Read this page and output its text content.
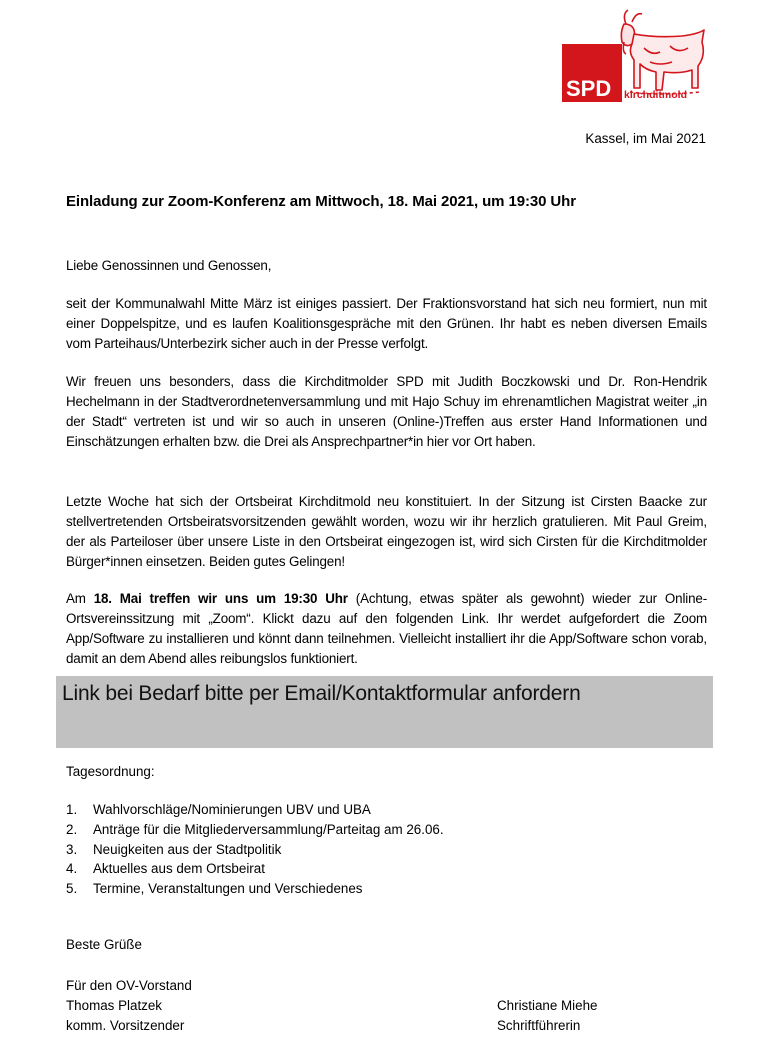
SPD kirchditmold
Kassel, im Mai 2021
Einladung zur Zoom-Konferenz am Mittwoch, 18. Mai 2021, um 19:30 Uhr
Liebe Genossinnen und Genossen,

seit der Kommunalwahl Mitte März ist einiges passiert. Der Fraktionsvorstand hat sich neu formiert, nun mit einer Doppelspitze, und es laufen Koalitionsgespräche mit den Grünen. Ihr habt es neben diversen Emails vom Parteihaus/Unterbezirk sicher auch in der Presse verfolgt.

Wir freuen uns besonders, dass die Kirchditmolder SPD mit Judith Boczkowski und Dr. Ron-Hendrik Hechelmann in der Stadtverordnetenversammlung und mit Hajo Schuy im ehrenamtlichen Magistrat weiter „in der Stadt“ vertreten ist und wir so auch in unseren (Online-)Treffen aus erster Hand Informationen und Einschätzungen erhalten bzw. die Drei als Ansprechpartner*in hier vor Ort haben.

Letzte Woche hat sich der Ortsbeirat Kirchditmold neu konstituiert. In der Sitzung ist Cirsten Baacke zur stellvertretenden Ortsbeiratsvorsitzenden gewählt worden, wozu wir ihr herzlich gratulieren. Mit Paul Greim, der als Parteiloser über unsere Liste in den Ortsbeirat eingezogen ist, wird sich Cirsten für die Kirchditmolder Bürger*innen einsetzen. Beiden gutes Gelingen!

Am 18. Mai treffen wir uns um 19:30 Uhr (Achtung, etwas später als gewohnt) wieder zur Online-Ortsvereinssitzung mit „Zoom“. Klickt dazu auf den folgenden Link. Ihr werdet aufgefordert die Zoom App/Software zu installieren und könnt dann teilnehmen. Vielleicht installiert ihr die App/Software schon vorab, damit an dem Abend alles reibungslos funktioniert.

Link bei Bedarf bitte per Email/Kontaktformular anfordern
Tagesordnung:
1.	Wahlvorschläge/Nominierungen UBV und UBA
2.	Anträge für die Mitgliederversammlung/Parteitag am 26.06.
3.	Neuigkeiten aus der Stadtpolitik
4.	Aktuelles aus dem Ortsbeirat
5.	Termine, Veranstaltungen und Verschiedenes
Beste Grüße
Für den OV-Vorstand
Thomas Platzek
komm. Vorsitzender
Christiane Miehe
Schriftführerin
